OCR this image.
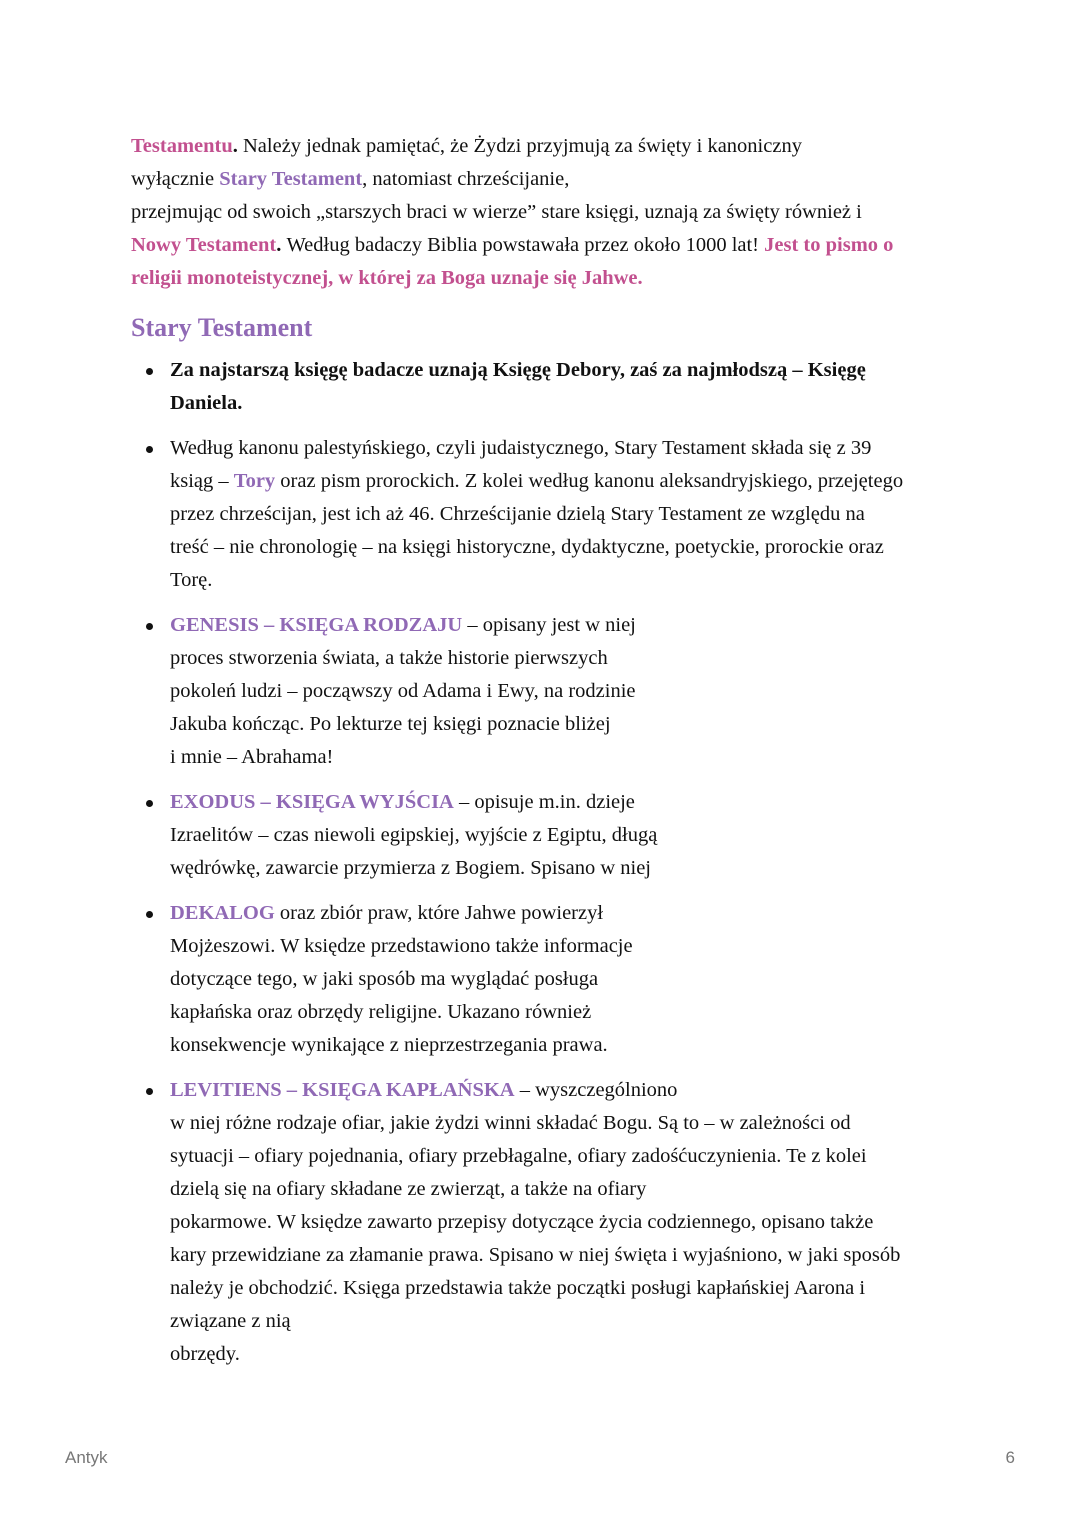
Testamentu. Należy jednak pamiętać, że Żydzi przyjmują za święty i kanoniczny
wyłącznie Stary Testament, natomiast chrześcijanie,
przejmując od swoich „starszych braci w wierze” stare księgi, uznają za święty również i
Nowy Testament. Według badaczy Biblia powstawała przez około 1000 lat! Jest to pismo o
religii monoteistycznej, w której za Boga uznaje się Jahwe.
Stary Testament
Za najstarszą księgę badacze uznają Księgę Debory, zaś za najmłodszą – Księgę
Daniela.
Według kanonu palestyńskiego, czyli judaistycznego, Stary Testament składa się z 39
ksiąg – Tory oraz pism prorockich. Z kolei według kanonu aleksandryjskiego, przejętego
przez chrześcijan, jest ich aż 46. Chrześcijanie dzielą Stary Testament ze względu na
treść – nie chronologię – na księgi historyczne, dydaktyczne, poetyckie, prorockie oraz
Torę.
GENESIS – KSIĘGA RODZAJU – opisany jest w niej
proces stworzenia świata, a także historie pierwszych
pokoleń ludzi – począwszy od Adama i Ewy, na rodzinie
Jakuba kończąc. Po lekturze tej księgi poznacie bliżej
i mnie – Abrahama!
EXODUS – KSIĘGA WYJŚCIA – opisuje m.in. dzieje
Izraelitów – czas niewoli egipskiej, wyjście z Egiptu, długą
wędrówkę, zawarcie przymierza z Bogiem. Spisano w niej
DEKALOG oraz zbiór praw, które Jahwe powierzył
Mojżeszowi. W księdze przedstawiono także informacje
dotyczące tego, w jaki sposób ma wyglądać posługa
kapłańska oraz obrzędy religijne. Ukazano również
konsekwencje wynikające z nieprzestrzegania prawa.
LEVITIENS – KSIĘGA KAPŁAŃSKA – wyszczególniono
w niej różne rodzaje ofiar, jakie żydzi winni składać Bogu. Są to – w zależności od
sytuacji – ofiary pojednania, ofiary przebłagalne, ofiary zadośćuczynienia. Te z kolei
dzielą się na ofiary składane ze zwierząt, a także na ofiary
pokarmowe. W księdze zawarto przepisy dotyczące życia codziennego, opisano także
kary przewidziane za złamanie prawa. Spisano w niej święta i wyjaśniono, w jaki sposób
należy je obchodzić. Księga przedstawia także początki posługi kapłańskiej Aarona i
związane z nią
obrzędy.
Antyk	6
